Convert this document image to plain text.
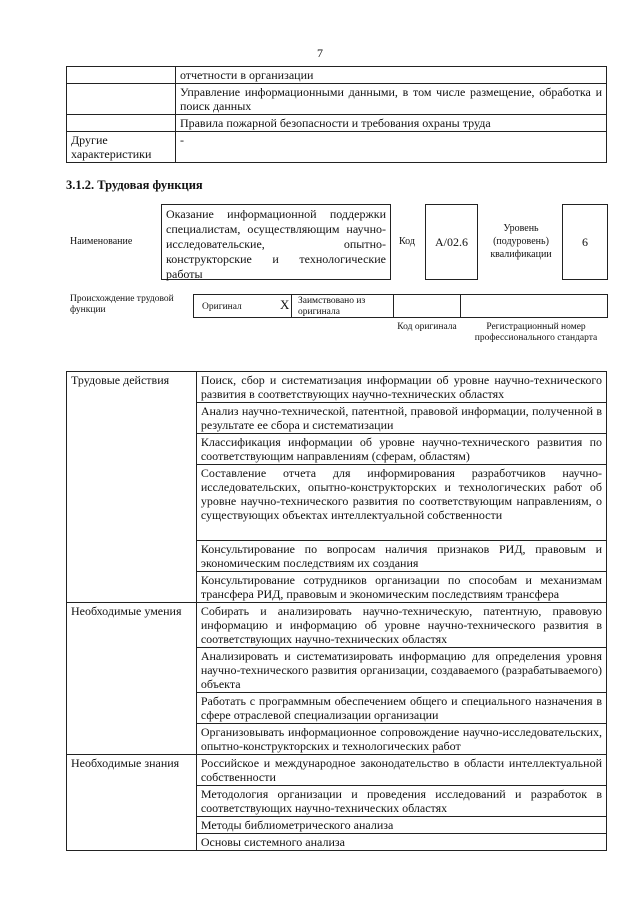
7
	отчетности в организации
	Управление информационными данными, в том числе размещение, обработка и поиск данных
	Правила пожарной безопасности и требования охраны труда
Другие характеристики	-
3.1.2. Трудовая функция
Наименование
Оказание информационной поддержки специалистам, осуществляющим научно-исследовательские, опытно-конструкторские и технологические работы
Код	А/02.6
Уровень (подуровень) квалификации
6
Происхождение трудовой функции	Оригинал	X Заимствовано из оригинала
Код оригинала	Регистрационный номер профессионального стандарта
Трудовые действия	Поиск, сбор и систематизация информации об уровне научно-технического развития в соответствующих научно-технических областях
	Анализ научно-технической, патентной, правовой информации, полученной в результате ее сбора и систематизации
	Классификация информации об уровне научно-технического развития по соответствующим направлениям (сферам, областям)
	Составление отчета для информирования разработчиков научно-исследовательских, опытно-конструкторских и технологических работ об уровне научно-технического развития по соответствующим направлениям, о существующих объектах интеллектуальной собственности
	Консультирование по вопросам наличия признаков РИД, правовым и экономическим последствиям их создания
	Консультирование сотрудников организации по способам и механизмам трансфера РИД, правовым и экономическим последствиям трансфера
Необходимые умения	Собирать и анализировать научно-техническую, патентную, правовую информацию и информацию об уровне научно-технического развития в соответствующих научно-технических областях
	Анализировать и систематизировать информацию для определения уровня научно-технического развития организации, создаваемого (разрабатываемого) объекта
	Работать с программным обеспечением общего и специального назначения в сфере отраслевой специализации организации
	Организовывать информационное сопровождение научно-исследовательских, опытно-конструкторских и технологических работ
Необходимые знания	Российское и международное законодательство в области интеллектуальной собственности
	Методология организации и проведения исследований и разработок в соответствующих научно-технических областях
	Методы библиометрического анализа
	Основы системного анализа
